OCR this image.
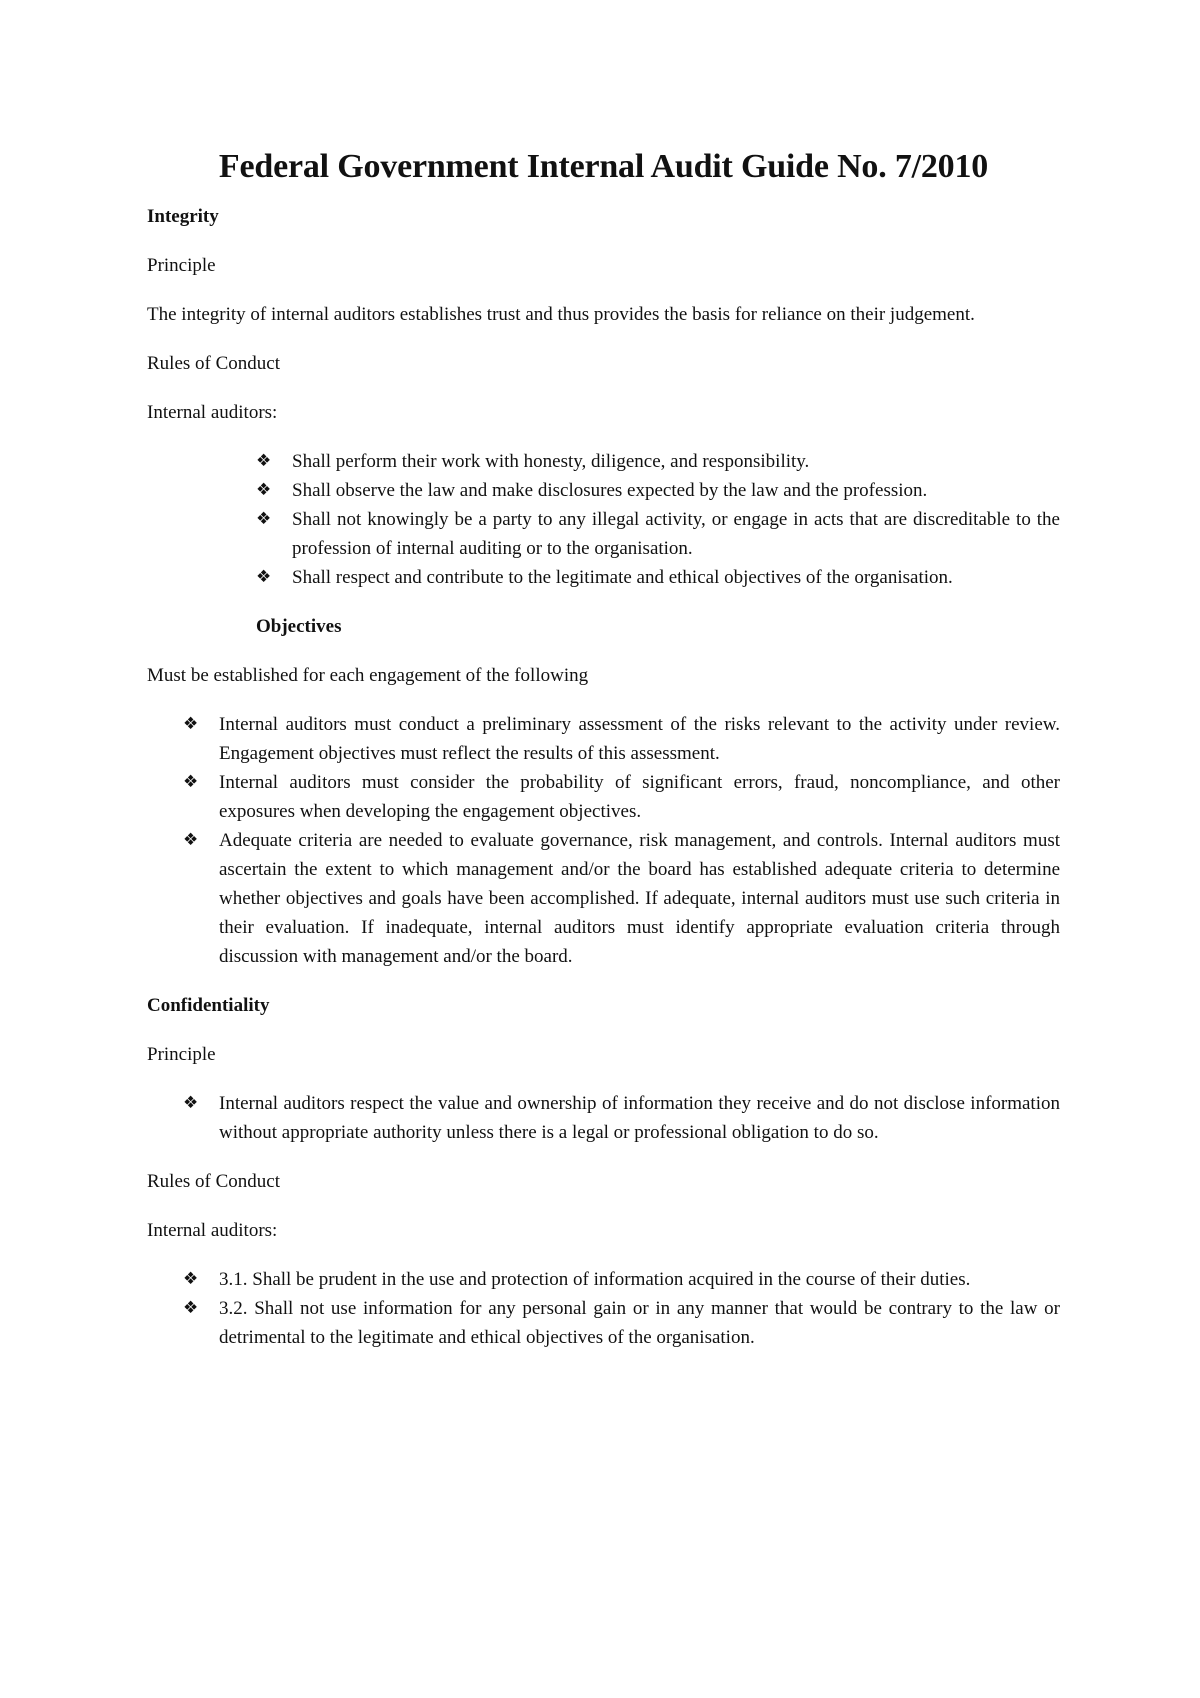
Federal Government Internal Audit Guide No. 7/2010
Integrity
Principle
The integrity of internal auditors establishes trust and thus provides the basis for reliance on their judgement.
Rules of Conduct
Internal auditors:
❖	Shall perform their work with honesty, diligence, and responsibility.
❖	Shall observe the law and make disclosures expected by the law and the profession.
❖	Shall not knowingly be a party to any illegal activity, or engage in acts that are discreditable to the profession of internal auditing or to the organisation.
❖	Shall respect and contribute to the legitimate and ethical objectives of the organisation.
Objectives
Must be established for each engagement of the following
❖	Internal auditors must conduct a preliminary assessment of the risks relevant to the activity under review. Engagement objectives must reflect the results of this assessment.
❖	Internal auditors must consider the probability of significant errors, fraud, noncompliance, and other exposures when developing the engagement objectives.
❖	Adequate criteria are needed to evaluate governance, risk management, and controls. Internal auditors must ascertain the extent to which management and/or the board has established adequate criteria to determine whether objectives and goals have been accomplished. If adequate, internal auditors must use such criteria in their evaluation. If inadequate, internal auditors must identify appropriate evaluation criteria through discussion with management and/or the board.
Confidentiality
Principle
❖	Internal auditors respect the value and ownership of information they receive and do not disclose information without appropriate authority unless there is a legal or professional obligation to do so.
Rules of Conduct
Internal auditors:
❖	3.1. Shall be prudent in the use and protection of information acquired in the course of their duties.
❖	3.2. Shall not use information for any personal gain or in any manner that would be contrary to the law or detrimental to the legitimate and ethical objectives of the organisation.
